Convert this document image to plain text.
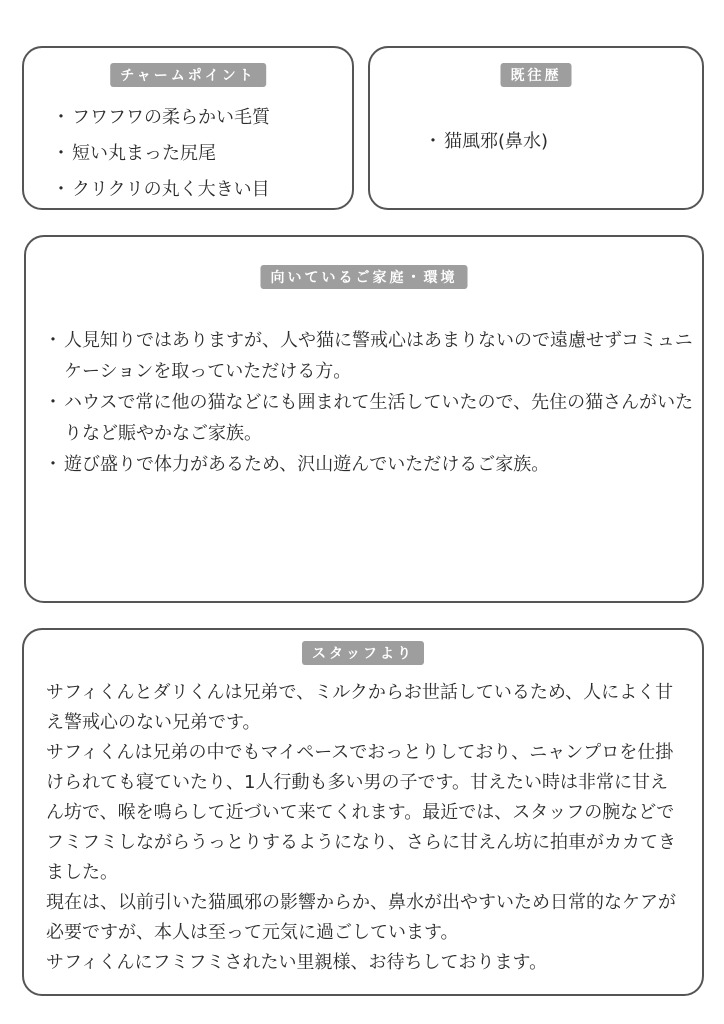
チャームポイント
・ フワフワの柔らかい毛質
・ 短い丸まった尻尾
・ クリクリの丸く大きい目
既往歴
・ 猫風邪(鼻水)
向いているご家庭・環境
・ 人見知りではありますが、人や猫に警戒心はあまりないので遠慮せずコミュニケーションを取っていただける方。
・ ハウスで常に他の猫などにも囲まれて生活していたので、先住の猫さんがいたりなど賑やかなご家族。
・ 遊び盛りで体力があるため、沢山遊んでいただけるご家族。
スタッフより

サフィくんとダリくんは兄弟で、ミルクからお世話しているため、人によく甘え警戒心のない兄弟です。
サフィくんは兄弟の中でもマイペースでおっとりしており、ニャンプロを仕掛けられても寝ていたり、1人行動も多い男の子です。甘えたい時は非常に甘えん坊で、喉を鳴らして近づいて来てくれます。最近では、スタッフの腕などでフミフミしながらうっとりするようになり、さらに甘えん坊に拍車がカカてきました。
現在は、以前引いた猫風邪の影響からか、鼻水が出やすいため日常的なケアが必要ですが、本人は至って元気に過ごしています。
サフィくんにフミフミされたい里親様、お待ちしております。
